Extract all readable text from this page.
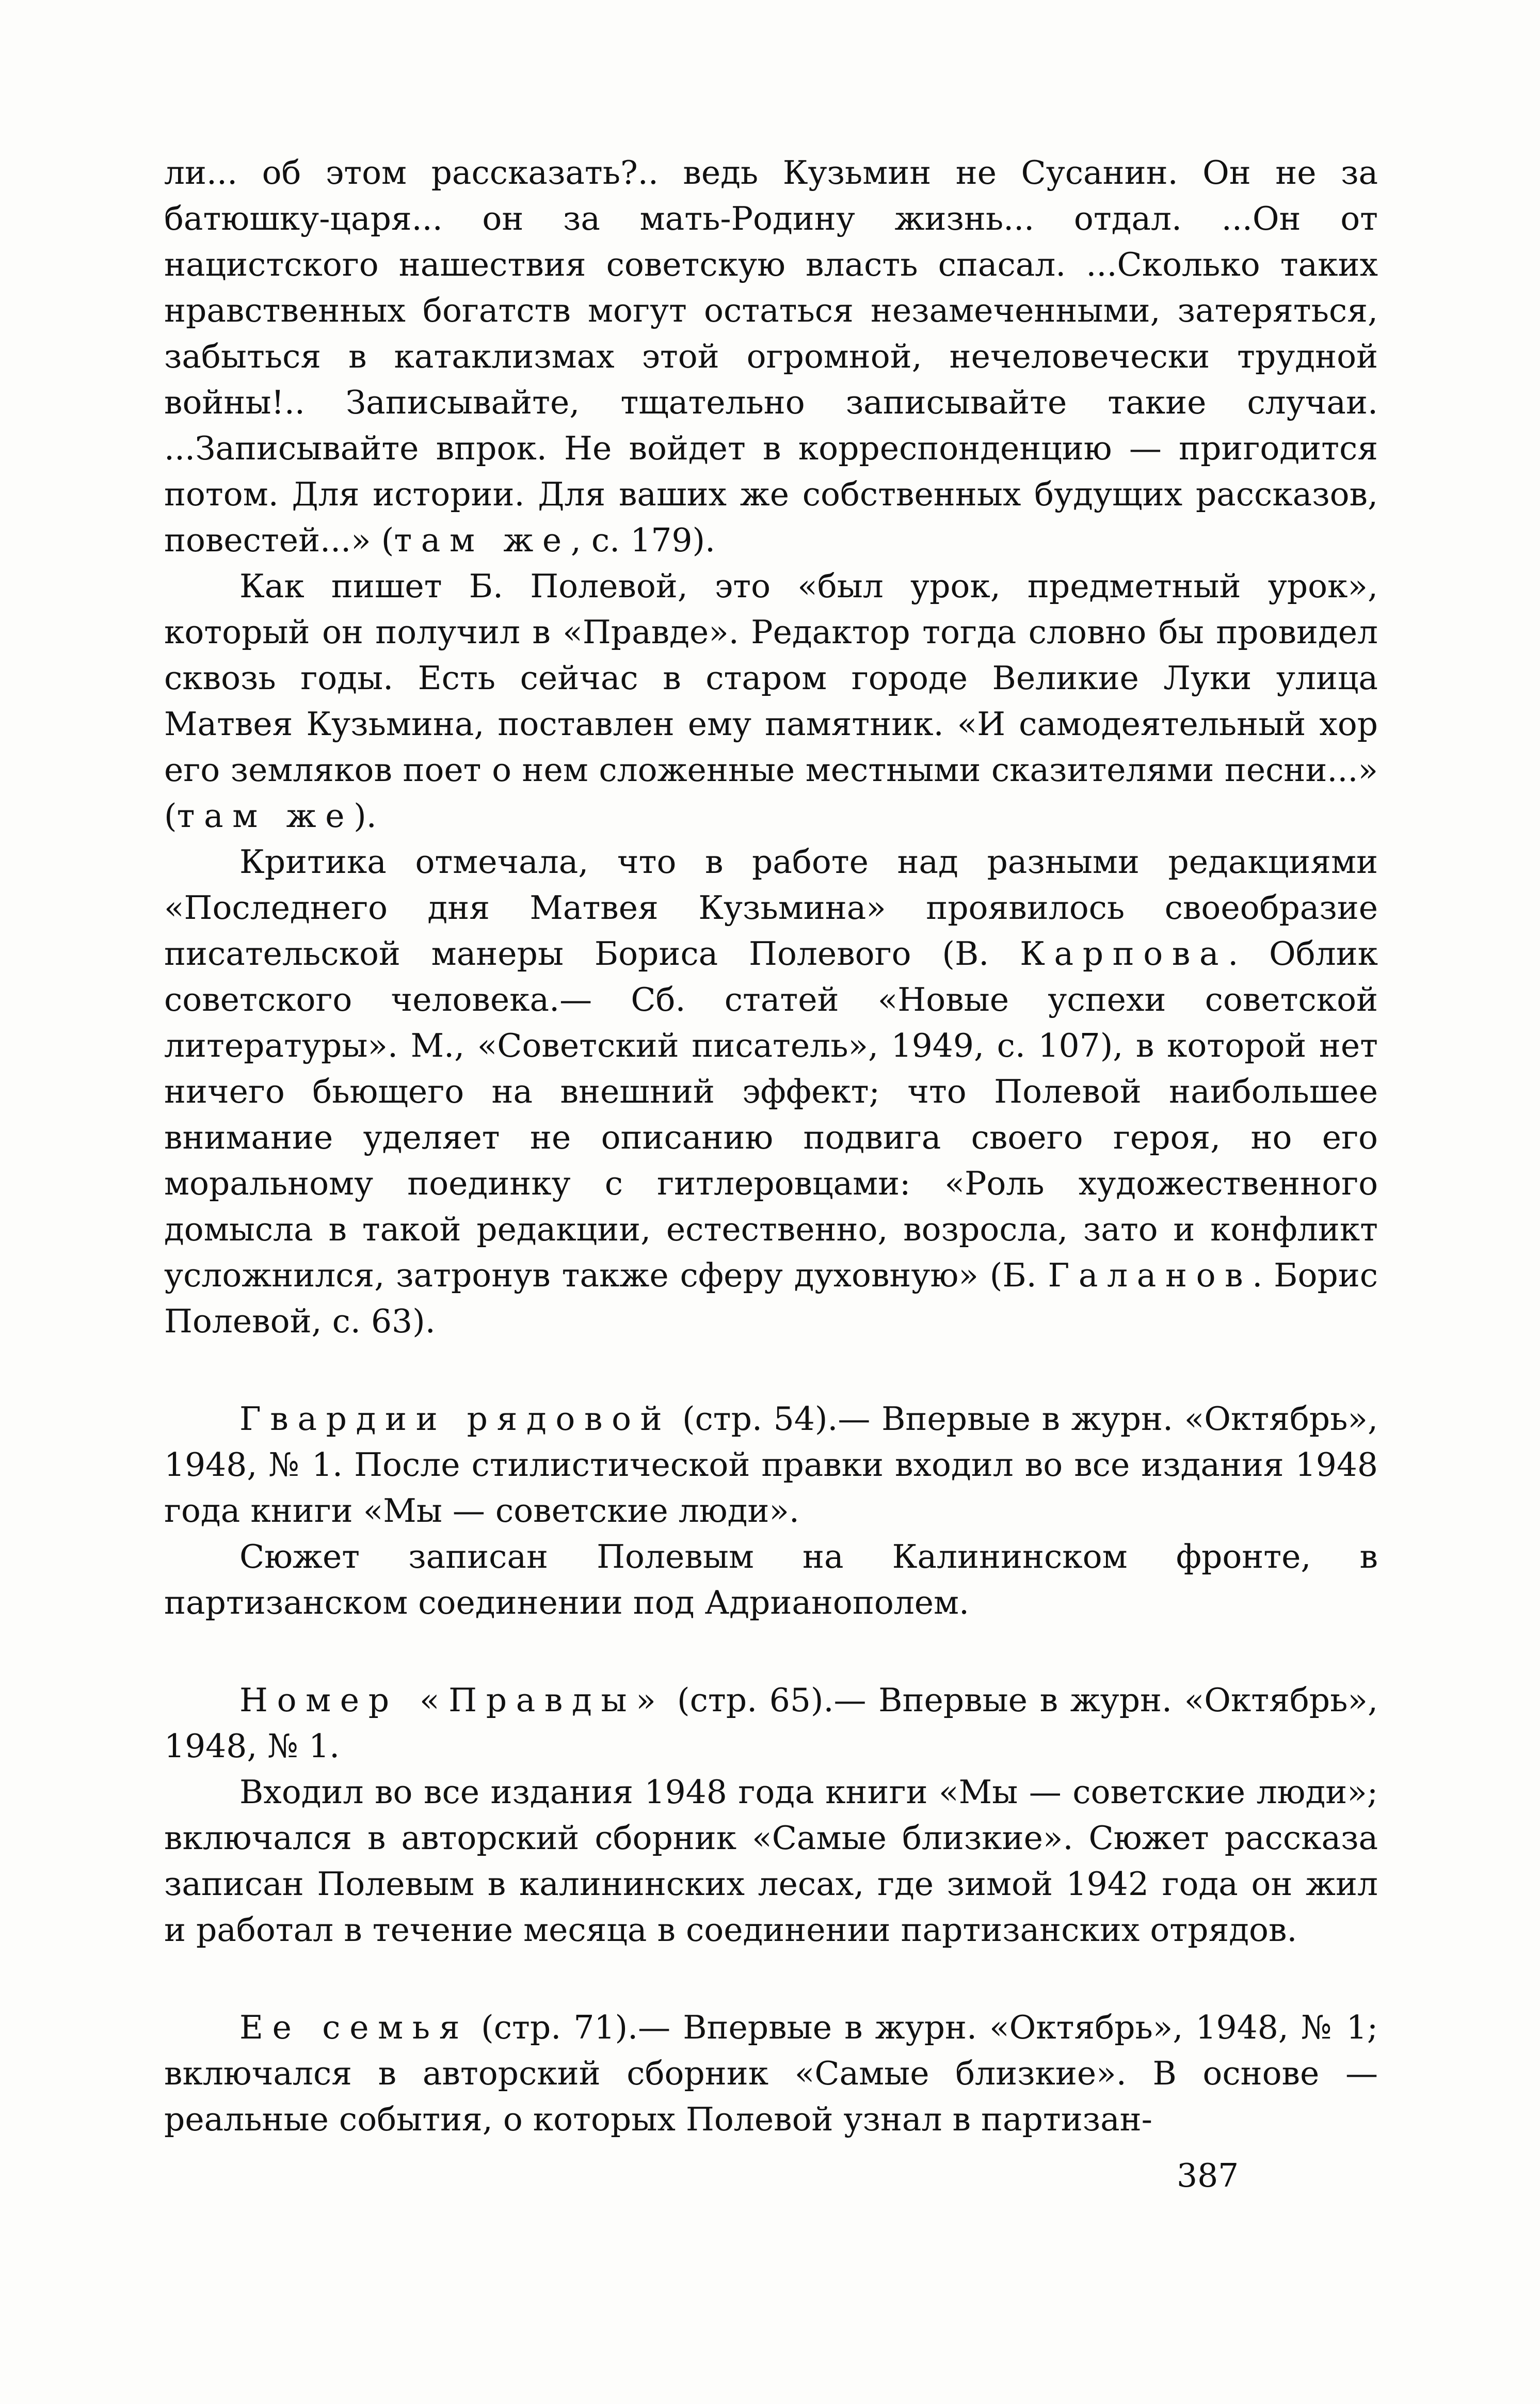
ли... об этом рассказать?.. ведь Кузьмин не Сусанин. Он не за батюшку-царя... он за мать-Родину жизнь... отдал. ...Он от нацистского нашествия советскую власть спасал. ...Сколько таких нравственных богатств могут остаться незамеченными, затеряться, забыться в катаклизмах этой огромной, нечеловечески трудной войны!.. Записывайте, тщательно записывайте такие случаи. ...Записывайте впрок. Не войдет в корреспонденцию — пригодится потом. Для истории. Для ваших же собственных будущих рассказов, повестей...» (там же, с. 179).

Как пишет Б. Полевой, это «был урок, предметный урок», который он получил в «Правде». Редактор тогда словно бы провидел сквозь годы. Есть сейчас в старом городе Великие Луки улица Матвея Кузьмина, поставлен ему памятник. «И самодеятельный хор его земляков поет о нем сложенные местными сказителями песни...» (там же).

Критика отмечала, что в работе над разными редакциями «Последнего дня Матвея Кузьмина» проявилось своеобразие писательской манеры Бориса Полевого (В. Карпова. Облик советского человека.— Сб. статей «Новые успехи советской литературы». М., «Советский писатель», 1949, с. 107), в которой нет ничего бьющего на внешний эффект; что Полевой наибольшее внимание уделяет не описанию подвига своего героя, но его моральному поединку с гитлеровцами: «Роль художественного домысла в такой редакции, естественно, возросла, зато и конфликт усложнился, затронув также сферу духовную» (Б. Галанов. Борис Полевой, с. 63).

Гвардии рядовой (стр. 54).— Впервые в журн. «Октябрь», 1948, № 1. После стилистической правки входил во все издания 1948 года книги «Мы — советские люди».

Сюжет записан Полевым на Калининском фронте, в партизанском соединении под Адрианополем.

Номер «Правды» (стр. 65).— Впервые в журн. «Октябрь», 1948, № 1.

Входил во все издания 1948 года книги «Мы — советские люди»; включался в авторский сборник «Самые близкие». Сюжет рассказа записан Полевым в калининских лесах, где зимой 1942 года он жил и работал в течение месяца в соединении партизанских отрядов.

Ее семья (стр. 71).— Впервые в журн. «Октябрь», 1948, № 1; включался в авторский сборник «Самые близкие». В основе — реальные события, о которых Полевой узнал в партизан-

387
